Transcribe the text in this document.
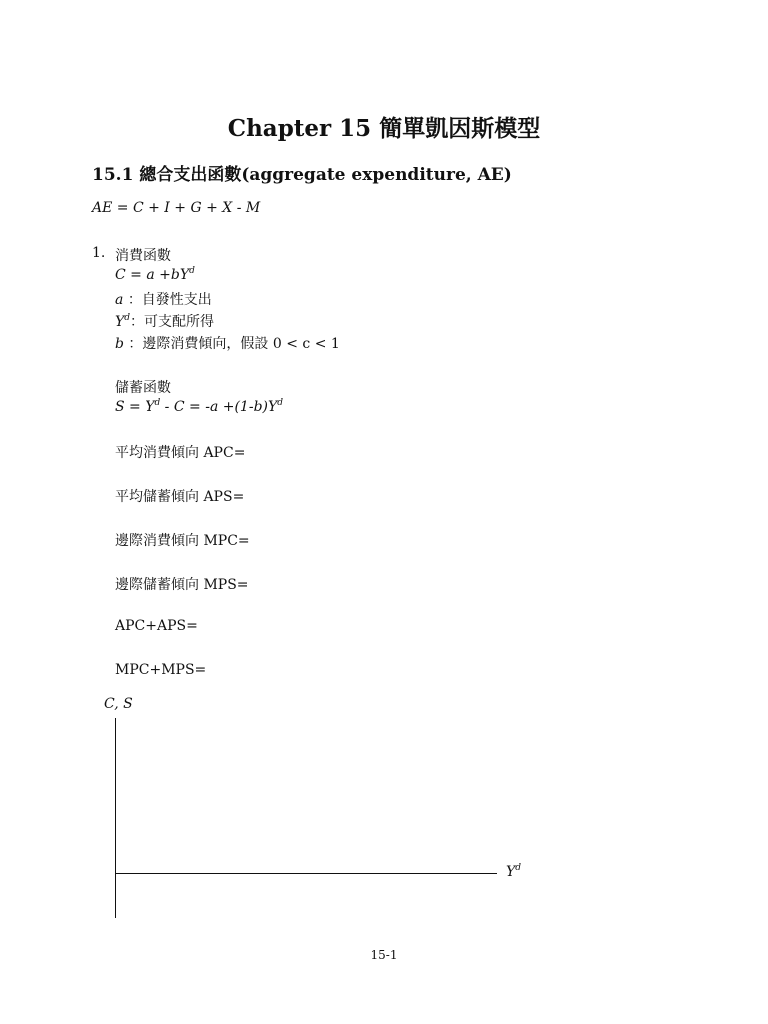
Chapter 15 簡單凱因斯模型
15.1 總合支出函數(aggregate expenditure, AE)
AE = C + I + G + X - M
1. 消費函數
$C = a +bY^d$
a ：自發性支出
$Y^d$：可支配所得
b ：邊際消費傾向，假設 0 < c < 1
儲蓄函數
$S = Y^d - C = -a +(1-b)Y^d$
平均消費傾向 APC=
平均儲蓄傾向 APS=
邊際消費傾向 MPC=
邊際儲蓄傾向 MPS=
APC+APS=
MPC+MPS=
C, S
$Y^d$
15-1
